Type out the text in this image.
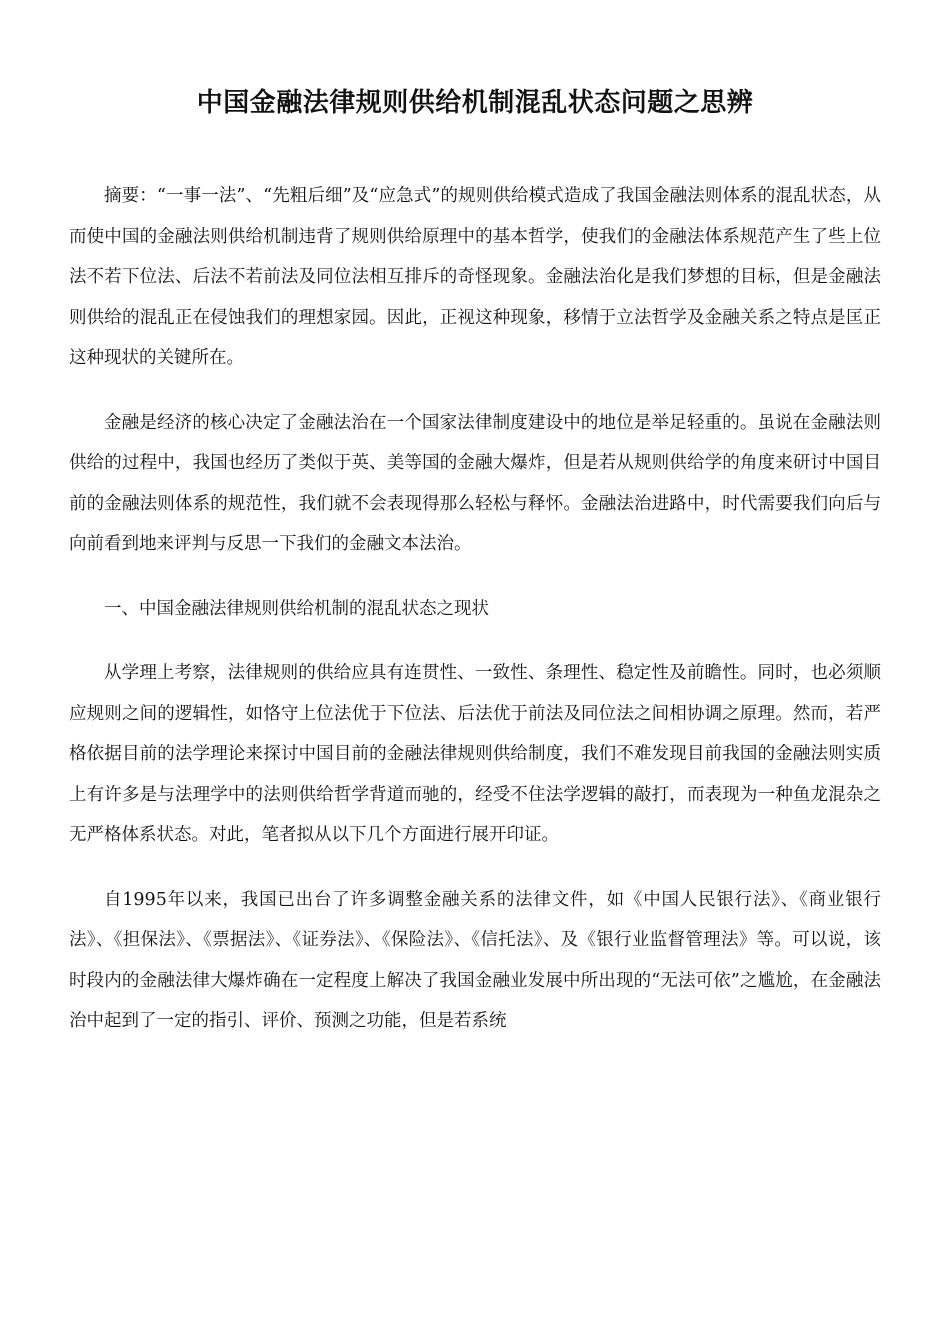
中国金融法律规则供给机制混乱状态问题之思辨

摘要：“一事一法”、“先粗后细”及“应急式”的规则供给模式造成了我国金融法则体系的混乱状态，从而使中国的金融法则供给机制违背了规则供给原理中的基本哲学，使我们的金融法体系规范产生了些上位法不若下位法、后法不若前法及同位法相互排斥的奇怪现象。金融法治化是我们梦想的目标，但是金融法则供给的混乱正在侵蚀我们的理想家园。因此，正视这种现象，移情于立法哲学及金融关系之特点是匡正这种现状的关键所在。

金融是经济的核心决定了金融法治在一个国家法律制度建设中的地位是举足轻重的。虽说在金融法则供给的过程中，我国也经历了类似于英、美等国的金融大爆炸，但是若从规则供给学的角度来研讨中国目前的金融法则体系的规范性，我们就不会表现得那么轻松与释怀。金融法治进路中，时代需要我们向后与向前看到地来评判与反思一下我们的金融文本法治。

一、中国金融法律规则供给机制的混乱状态之现状

从学理上考察，法律规则的供给应具有连贯性、一致性、条理性、稳定性及前瞻性。同时，也必须顺应规则之间的逻辑性，如恪守上位法优于下位法、后法优于前法及同位法之间相协调之原理。然而，若严格依据目前的法学理论来探讨中国目前的金融法律规则供给制度，我们不难发现目前我国的金融法则实质上有许多是与法理学中的法则供给哲学背道而驰的，经受不住法学逻辑的敲打，而表现为一种鱼龙混杂之无严格体系状态。对此，笔者拟从以下几个方面进行展开印证。

自1995年以来，我国已出台了许多调整金融关系的法律文件，如《中国人民银行法》、《商业银行法》、《担保法》、《票据法》、《证券法》、《保险法》、《信托法》、及《银行业监督管理法》等。可以说，该时段内的金融法律大爆炸确在一定程度上解决了我国金融业发展中所出现的“无法可依”之尴尬，在金融法治中起到了一定的指引、评价、预测之功能，但是若系统
